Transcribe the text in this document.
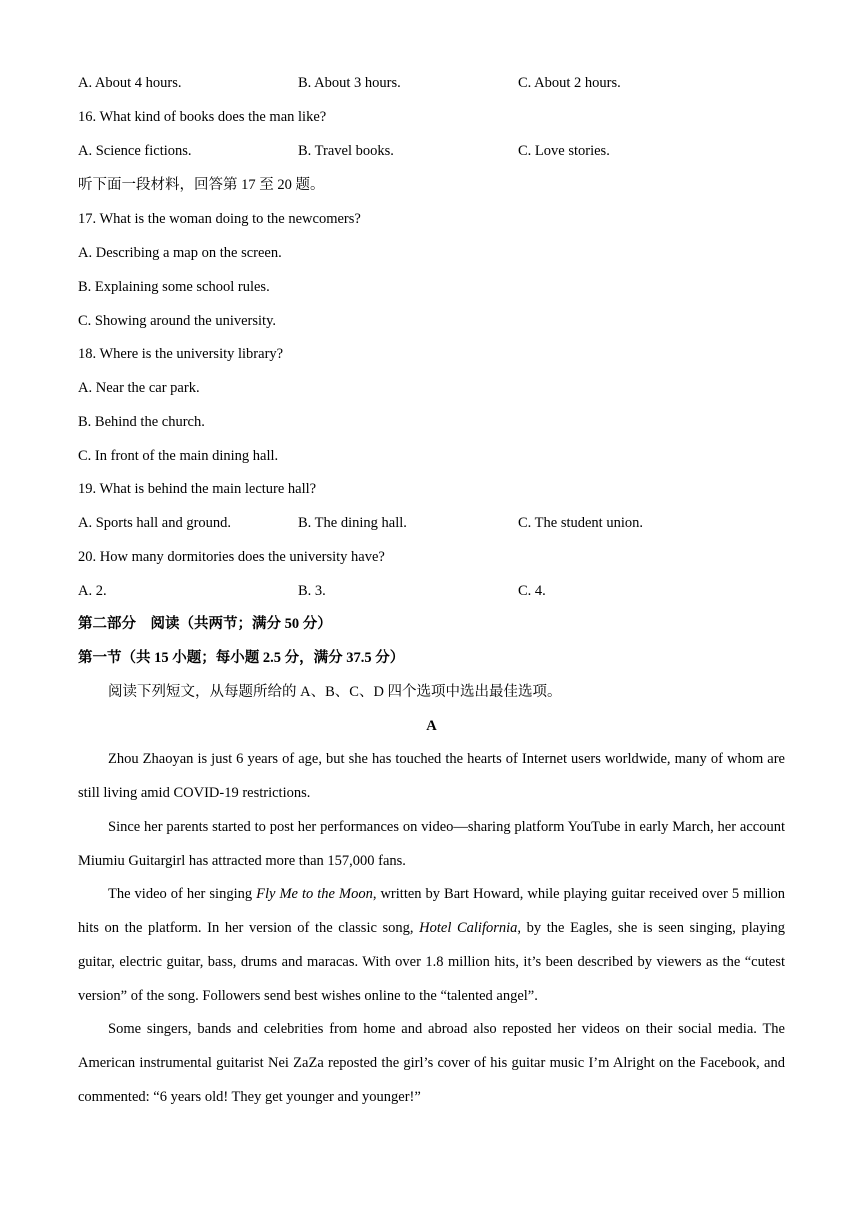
A. About 4 hours.	B. About 3 hours.	C. About 2 hours.
16. What kind of books does the man like?
A. Science fictions.	B. Travel books.	C. Love stories.
听下面一段材料，回答第 17 至 20 题。
17. What is the woman doing to the newcomers?
A. Describing a map on the screen.
B. Explaining some school rules.
C. Showing around the university.
18. Where is the university library?
A. Near the car park.
B. Behind the church.
C. In front of the main dining hall.
19. What is behind the main lecture hall?
A. Sports hall and ground.	B. The dining hall.	C. The student union.
20. How many dormitories does the university have?
A. 2.	B. 3.	C. 4.
第二部分　阅读（共两节；满分 50 分）
第一节（共 15 小题；每小题 2.5 分，满分 37.5 分）
阅读下列短文，从每题所给的 A、B、C、D 四个选项中选出最佳选项。
A
Zhou Zhaoyan is just 6 years of age, but she has touched the hearts of Internet users worldwide, many of whom are still living amid COVID-19 restrictions.
Since her parents started to post her performances on video—sharing platform YouTube in early March, her account Miumiu Guitargirl has attracted more than 157,000 fans.
The video of her singing Fly Me to the Moon, written by Bart Howard, while playing guitar received over 5 million hits on the platform. In her version of the classic song, Hotel California, by the Eagles, she is seen singing, playing guitar, electric guitar, bass, drums and maracas. With over 1.8 million hits, it’s been described by viewers as the “cutest version” of the song. Followers send best wishes online to the “talented angel”.
Some singers, bands and celebrities from home and abroad also reposted her videos on their social media. The American instrumental guitarist Nei ZaZa reposted the girl’s cover of his guitar music I’m Alright on the Facebook, and commented: “6 years old! They get younger and younger!”
